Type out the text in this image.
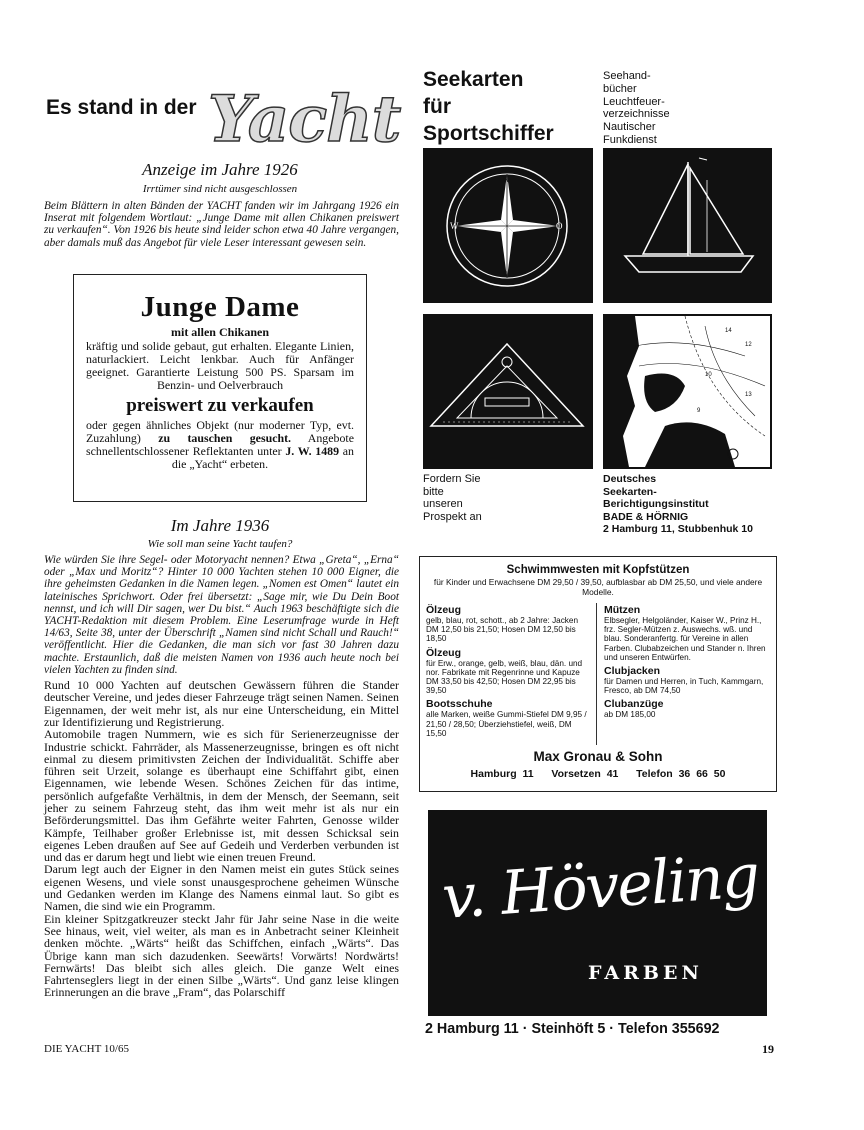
Es stand in der Yacht
Anzeige im Jahre 1926
Irrtümer sind nicht ausgeschlossen

Beim Blättern in alten Bänden der YACHT fanden wir im Jahrgang 1926 ein Inserat mit folgendem Wortlaut: „Junge Dame mit allen Chikanen preiswert zu verkaufen“. Von 1926 bis heute sind leider schon etwa 40 Jahre vergangen, aber damals muß das Angebot für viele Leser interessant gewesen sein.

Junge Dame
mit allen Chikanen

kräftig und solide gebaut, gut erhalten. Elegante Linien, naturlackiert. Leicht lenkbar. Auch für Anfänger geeignet. Garantierte Leistung 500 PS. Sparsam im Benzin- und Oelverbrauch

preiswert zu verkaufen

oder gegen ähnliches Objekt (nur moderner Typ, evt. Zuzahlung) zu tauschen gesucht. Angebote schnellentschlossener Reflektanten unter J. W. 1489 an die „Yacht“ erbeten.

Im Jahre 1936
Wie soll man seine Yacht taufen?

Wie würden Sie ihre Segel- oder Motoryacht nennen? Etwa „Greta“, „Erna“ oder „Max und Moritz“? Hinter 10 000 Yachten stehen 10 000 Eigner, die ihre geheimsten Gedanken in die Namen legen. „Nomen est Omen“ lautet ein lateinisches Sprichwort. Oder frei übersetzt: „Sage mir, wie Du Dein Boot nennst, und ich will Dir sagen, wer Du bist.“ Auch 1963 beschäftigte sich die YACHT-Redaktion mit diesem Problem. Eine Leserumfrage wurde in Heft 14/63, Seite 38, unter der Überschrift „Namen sind nicht Schall und Rauch!“ veröffentlicht. Hier die Gedanken, die man sich vor fast 30 Jahren dazu machte. Erstaunlich, daß die meisten Namen von 1936 auch heute noch bei vielen Yachten zu finden sind.

Rund 10 000 Yachten auf deutschen Gewässern führen die Stander deutscher Vereine, und jedes dieser Fahrzeuge trägt seinen Namen. Seinen Eigennamen, der weit mehr ist, als nur eine Unterscheidung, ein Mittel zur Identifizierung und Registrierung.

Automobile tragen Nummern, wie es sich für Serienerzeugnisse der Industrie schickt. Fahrräder, als Massenerzeugnisse, bringen es oft nicht einmal zu diesem primitivsten Zeichen der Individualität. Schiffe aber führen seit Urzeit, solange es überhaupt eine Schiffahrt gibt, einen Eigennamen, wie lebende Wesen. Schönes Zeichen für das intime, persönlich aufgefaßte Verhältnis, in dem der Mensch, der Seemann, seit jeher zu seinem Fahrzeug steht, das ihm weit mehr ist als nur ein Beförderungsmittel. Das ihm Gefährte weiter Fahrten, Genosse wilder Kämpfe, Teilhaber großer Erlebnisse ist, mit dessen Schicksal sein eigenes Leben draußen auf See auf Gedeih und Verderben verbunden ist und das er darum hegt und liebt wie einen treuen Freund.

Darum legt auch der Eigner in den Namen meist ein gutes Stück seines eigenen Wesens, und viele sonst unausgesprochene geheimen Wünsche und Gedanken werden im Klange des Namens einmal laut. So gibt es Namen, die sind wie ein Programm.

Ein kleiner Spitzgatkreuzer steckt Jahr für Jahr seine Nase in die weite See hinaus, weit, viel weiter, als man es in Anbetracht seiner Kleinheit denken möchte. „Wärts“ heißt das Schiffchen, einfach „Wärts“. Das Übrige kann man sich dazudenken. Seewärts! Vorwärts! Nordwärts! Fernwärts! Das bleibt sich alles gleich. Die ganze Welt eines Fahrtenseglers liegt in der einen Silbe „Wärts“. Und ganz leise klingen Erinnerungen an die brave „Fram“, das Polarschiff

DIE YACHT 10/65	19
Seekarten
für
Sportschiffer
Seehand-
bücher
Leuchtfeuer-
verzeichnisse
Nautischer
Funkdienst
N
O
S
W
14
12
10
13
9
Fordern Sie
bitte
unseren
Prospekt an
Deutsches
Seekarten-
Berichtigungsinstitut
BADE & HÖRNIG
2 Hamburg 11, Stubbenhuk 10
Schwimmwesten mit Kopfstützen
für Kinder und Erwachsene DM 29,50 / 39,50, aufblasbar ab DM 25,50, und viele andere Modelle.
Ölzeug
gelb, blau, rot, schott., ab 2 Jahre: Jacken DM 12,50 bis 21,50; Hosen DM 12,50 bis 18,50
Ölzeug
für Erw., orange, gelb, weiß, blau, dän. und nor. Fabrikate mit Regenrinne und Kapuze DM 33,50 bis 42,50; Hosen DM 22,95 bis 39,50
Bootsschuhe
alle Marken, weiße Gummi-Stiefel DM 9,95 / 21,50 / 28,50; Überziehstiefel, weiß, DM 15,50
Mützen
Elbsegler, Helgoländer, Kaiser W., Prinz H., frz. Segler-Mützen z. Auswechs. wß. und blau. Sonderanfertg. für Vereine in allen Farben. Clubabzeichen und Stander n. Ihren und unseren Entwürfen.
Clubjacken
für Damen und Herren, in Tuch, Kammgarn, Fresco, ab DM 74,50
Clubanzüge
ab DM 185,00
Max Gronau & Sohn
Hamburg 11   Vorsetzen 41   Telefon 36 66 50
v. Höveling
FARBEN
2 Hamburg 11 · Steinhöft 5 · Telefon 355692
